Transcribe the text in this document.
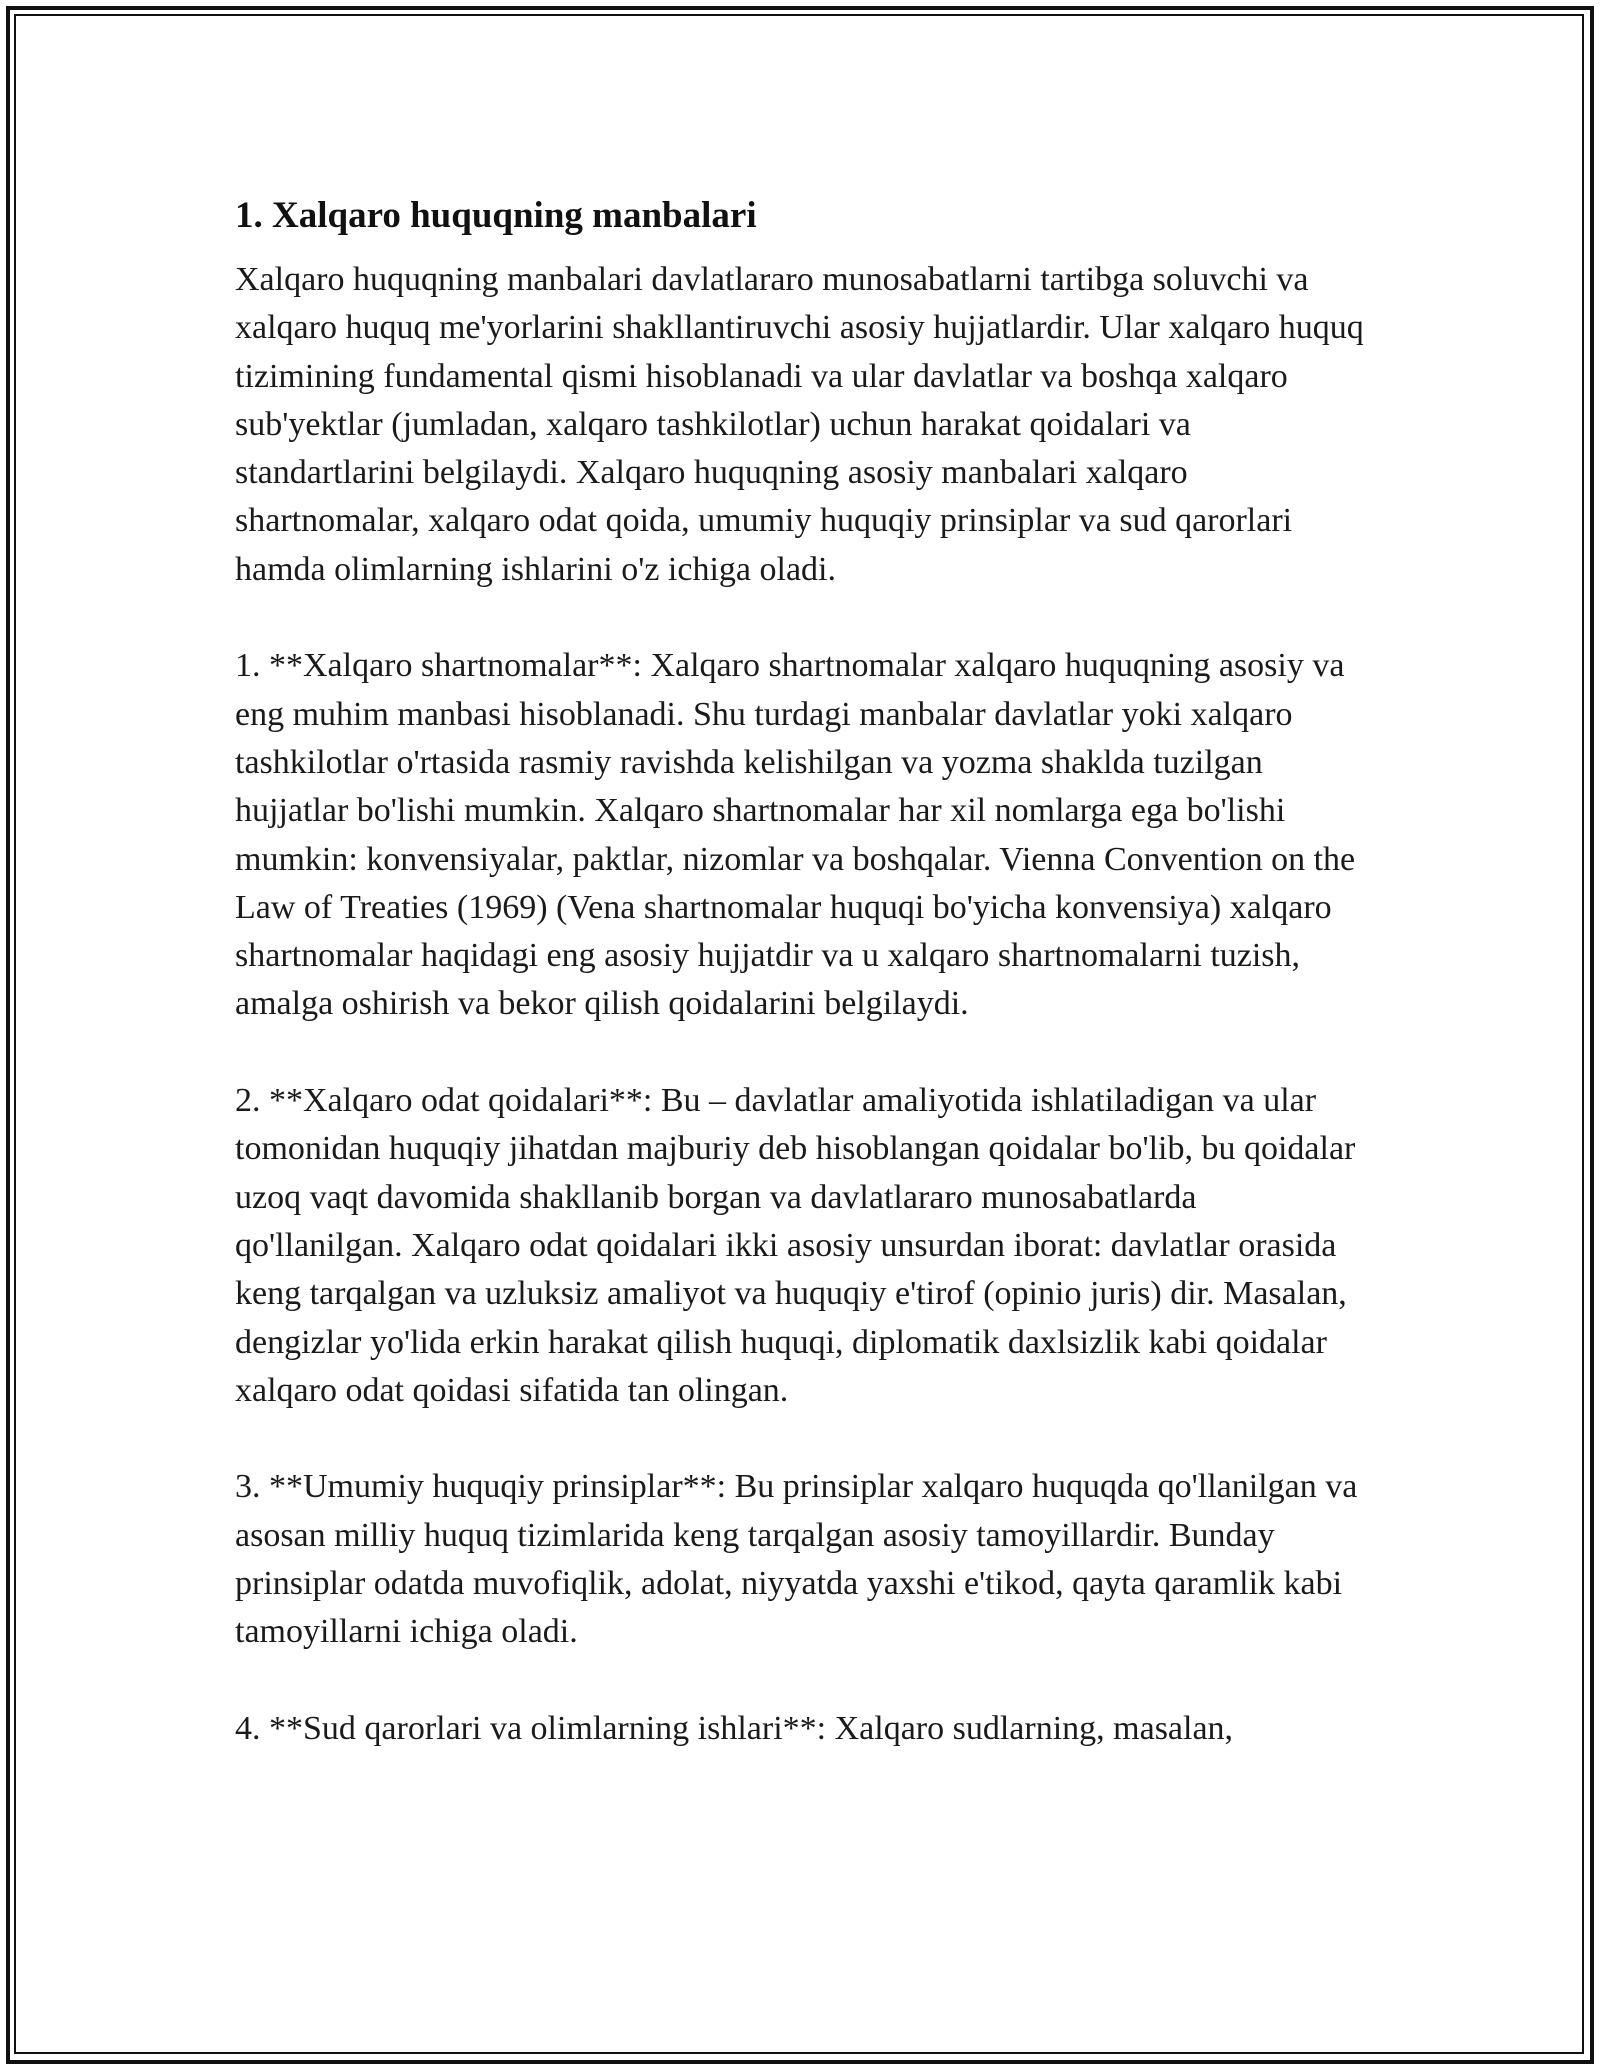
1. Xalqaro huquqning manbalari

Xalqaro huquqning manbalari davlatlararo munosabatlarni tartibga soluvchi va xalqaro huquq me'yorlarini shakllantiruvchi asosiy hujjatlardir. Ular xalqaro huquq tizimining fundamental qismi hisoblanadi va ular davlatlar va boshqa xalqaro sub'yektlar (jumladan, xalqaro tashkilotlar) uchun harakat qoidalari va standartlarini belgilaydi. Xalqaro huquqning asosiy manbalari xalqaro shartnomalar, xalqaro odat qoida, umumiy huquqiy prinsiplar va sud qarorlari hamda olimlarning ishlarini o'z ichiga oladi.

1. **Xalqaro shartnomalar**: Xalqaro shartnomalar xalqaro huquqning asosiy va eng muhim manbasi hisoblanadi. Shu turdagi manbalar davlatlar yoki xalqaro tashkilotlar o'rtasida rasmiy ravishda kelishilgan va yozma shaklda tuzilgan hujjatlar bo'lishi mumkin. Xalqaro shartnomalar har xil nomlarga ega bo'lishi mumkin: konvensiyalar, paktlar, nizomlar va boshqalar. Vienna Convention on the Law of Treaties (1969) (Vena shartnomalar huquqi bo'yicha konvensiya) xalqaro shartnomalar haqidagi eng asosiy hujjatdir va u xalqaro shartnomalarni tuzish, amalga oshirish va bekor qilish qoidalarini belgilaydi.

2. **Xalqaro odat qoidalari**: Bu – davlatlar amaliyotida ishlatiladigan va ular tomonidan huquqiy jihatdan majburiy deb hisoblangan qoidalar bo'lib, bu qoidalar uzoq vaqt davomida shakllanib borgan va davlatlararo munosabatlarda qo'llanilgan. Xalqaro odat qoidalari ikki asosiy unsurdan iborat: davlatlar orasida keng tarqalgan va uzluksiz amaliyot va huquqiy e'tirof (opinio juris) dir. Masalan, dengizlar yo'lida erkin harakat qilish huquqi, diplomatik daxlsizlik kabi qoidalar xalqaro odat qoidasi sifatida tan olingan.

3. **Umumiy huquqiy prinsiplar**: Bu prinsiplar xalqaro huquqda qo'llanilgan va asosan milliy huquq tizimlarida keng tarqalgan asosiy tamoyillardir. Bunday prinsiplar odatda muvofiqlik, adolat, niyyatda yaxshi e'tikod, qayta qaramlik kabi tamoyillarni ichiga oladi.

4. **Sud qarorlari va olimlarning ishlari**: Xalqaro sudlarning, masalan,
